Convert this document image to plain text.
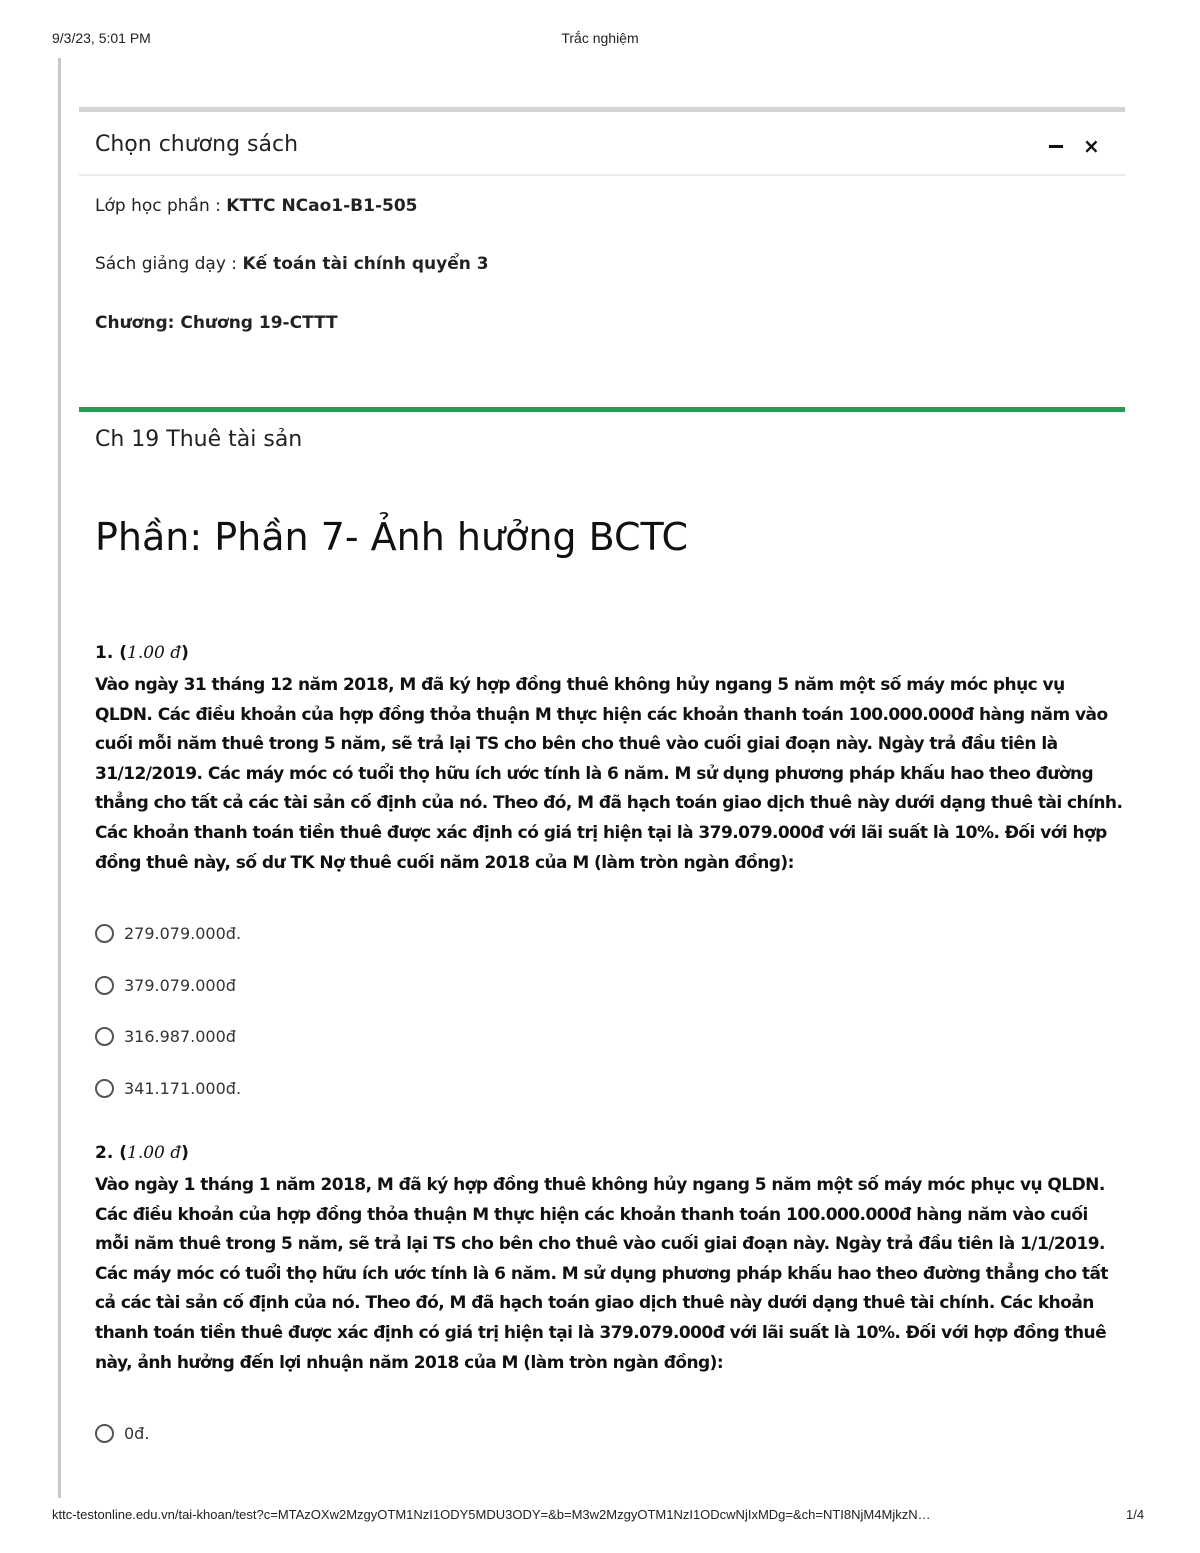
9/3/23, 5:01 PM	Trắc nghiệm
Chọn chương sách	×
Lớp học phần : KTTC NCao1-B1-505
Sách giảng dạy : Kế toán tài chính quyển 3
Chương: Chương 19-CTTT
Ch 19 Thuê tài sản
Phần: Phần 7- Ảnh hưởng BCTC
1. (1.00 đ)
Vào ngày 31 tháng 12 năm 2018, M đã ký hợp đồng thuê không hủy ngang 5 năm một số máy móc phục vụ QLDN. Các điều khoản của hợp đồng thỏa thuận M thực hiện các khoản thanh toán 100.000.000đ hàng năm vào cuối mỗi năm thuê trong 5 năm, sẽ trả lại TS cho bên cho thuê vào cuối giai đoạn này. Ngày trả đầu tiên là 31/12/2019. Các máy móc có tuổi thọ hữu ích ước tính là 6 năm. M sử dụng phương pháp khấu hao theo đường thẳng cho tất cả các tài sản cố định của nó. Theo đó, M đã hạch toán giao dịch thuê này dưới dạng thuê tài chính. Các khoản thanh toán tiền thuê được xác định có giá trị hiện tại là 379.079.000đ với lãi suất là 10%. Đối với hợp đồng thuê này, số dư TK Nợ thuê cuối năm 2018 của M (làm tròn ngàn đồng):
279.079.000đ.
379.079.000đ
316.987.000đ
341.171.000đ.
2. (1.00 đ)
Vào ngày 1 tháng 1 năm 2018, M đã ký hợp đồng thuê không hủy ngang 5 năm một số máy móc phục vụ QLDN. Các điều khoản của hợp đồng thỏa thuận M thực hiện các khoản thanh toán 100.000.000đ hàng năm vào cuối mỗi năm thuê trong 5 năm, sẽ trả lại TS cho bên cho thuê vào cuối giai đoạn này. Ngày trả đầu tiên là 1/1/2019. Các máy móc có tuổi thọ hữu ích ước tính là 6 năm. M sử dụng phương pháp khấu hao theo đường thẳng cho tất cả các tài sản cố định của nó. Theo đó, M đã hạch toán giao dịch thuê này dưới dạng thuê tài chính. Các khoản thanh toán tiền thuê được xác định có giá trị hiện tại là 379.079.000đ với lãi suất là 10%. Đối với hợp đồng thuê này, ảnh hưởng đến lợi nhuận năm 2018 của M (làm tròn ngàn đồng):
0đ.
kttc-testonline.edu.vn/tai-khoan/test?c=MTAzOXw2MzgyOTM1NzI1ODY5MDU3ODY=&b=M3w2MzgyOTM1NzI1ODcwNjIxMDg=&ch=NTI8NjM4MjkzN…	1/4
